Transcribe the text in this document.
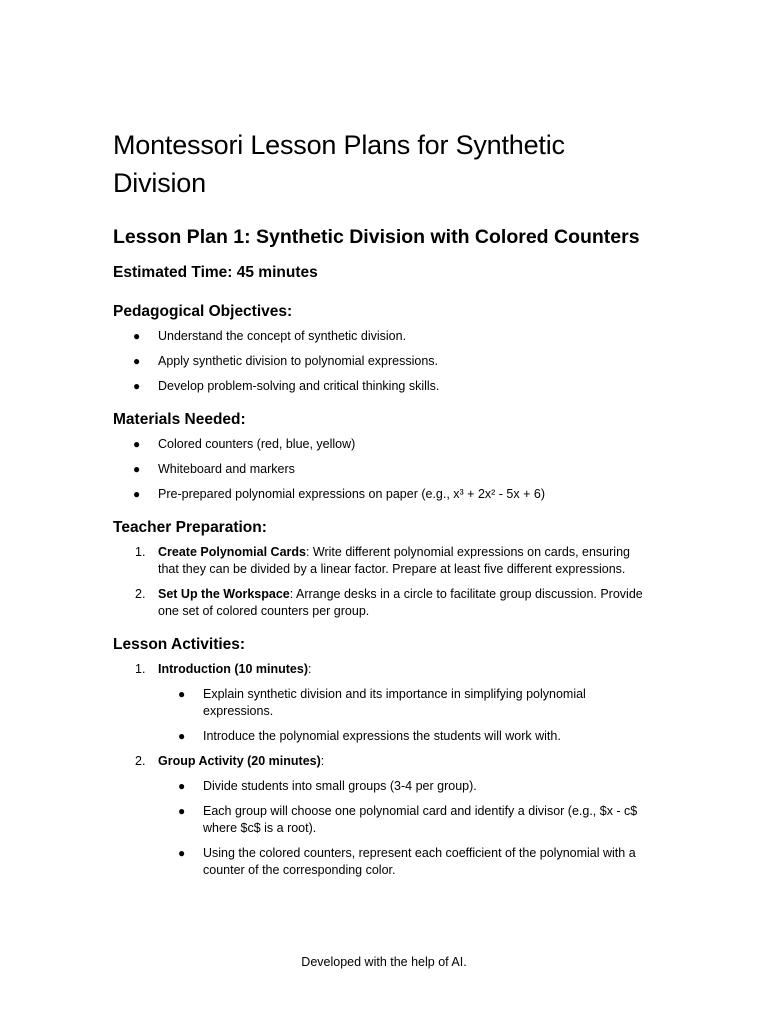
Montessori Lesson Plans for Synthetic Division
Lesson Plan 1: Synthetic Division with Colored Counters
Estimated Time: 45 minutes
Pedagogical Objectives:
● Understand the concept of synthetic division.
● Apply synthetic division to polynomial expressions.
● Develop problem-solving and critical thinking skills.
Materials Needed:
● Colored counters (red, blue, yellow)
● Whiteboard and markers
● Pre-prepared polynomial expressions on paper (e.g., x³ + 2x² - 5x + 6)
Teacher Preparation:
1. Create Polynomial Cards: Write different polynomial expressions on cards, ensuring that they can be divided by a linear factor. Prepare at least five different expressions.
2. Set Up the Workspace: Arrange desks in a circle to facilitate group discussion. Provide one set of colored counters per group.
Lesson Activities:
1. Introduction (10 minutes):
● Explain synthetic division and its importance in simplifying polynomial expressions.
● Introduce the polynomial expressions the students will work with.
2. Group Activity (20 minutes):
● Divide students into small groups (3-4 per group).
● Each group will choose one polynomial card and identify a divisor (e.g., $x - c$ where $c$ is a root).
● Using the colored counters, represent each coefficient of the polynomial with a counter of the corresponding color.
Developed with the help of AI.
